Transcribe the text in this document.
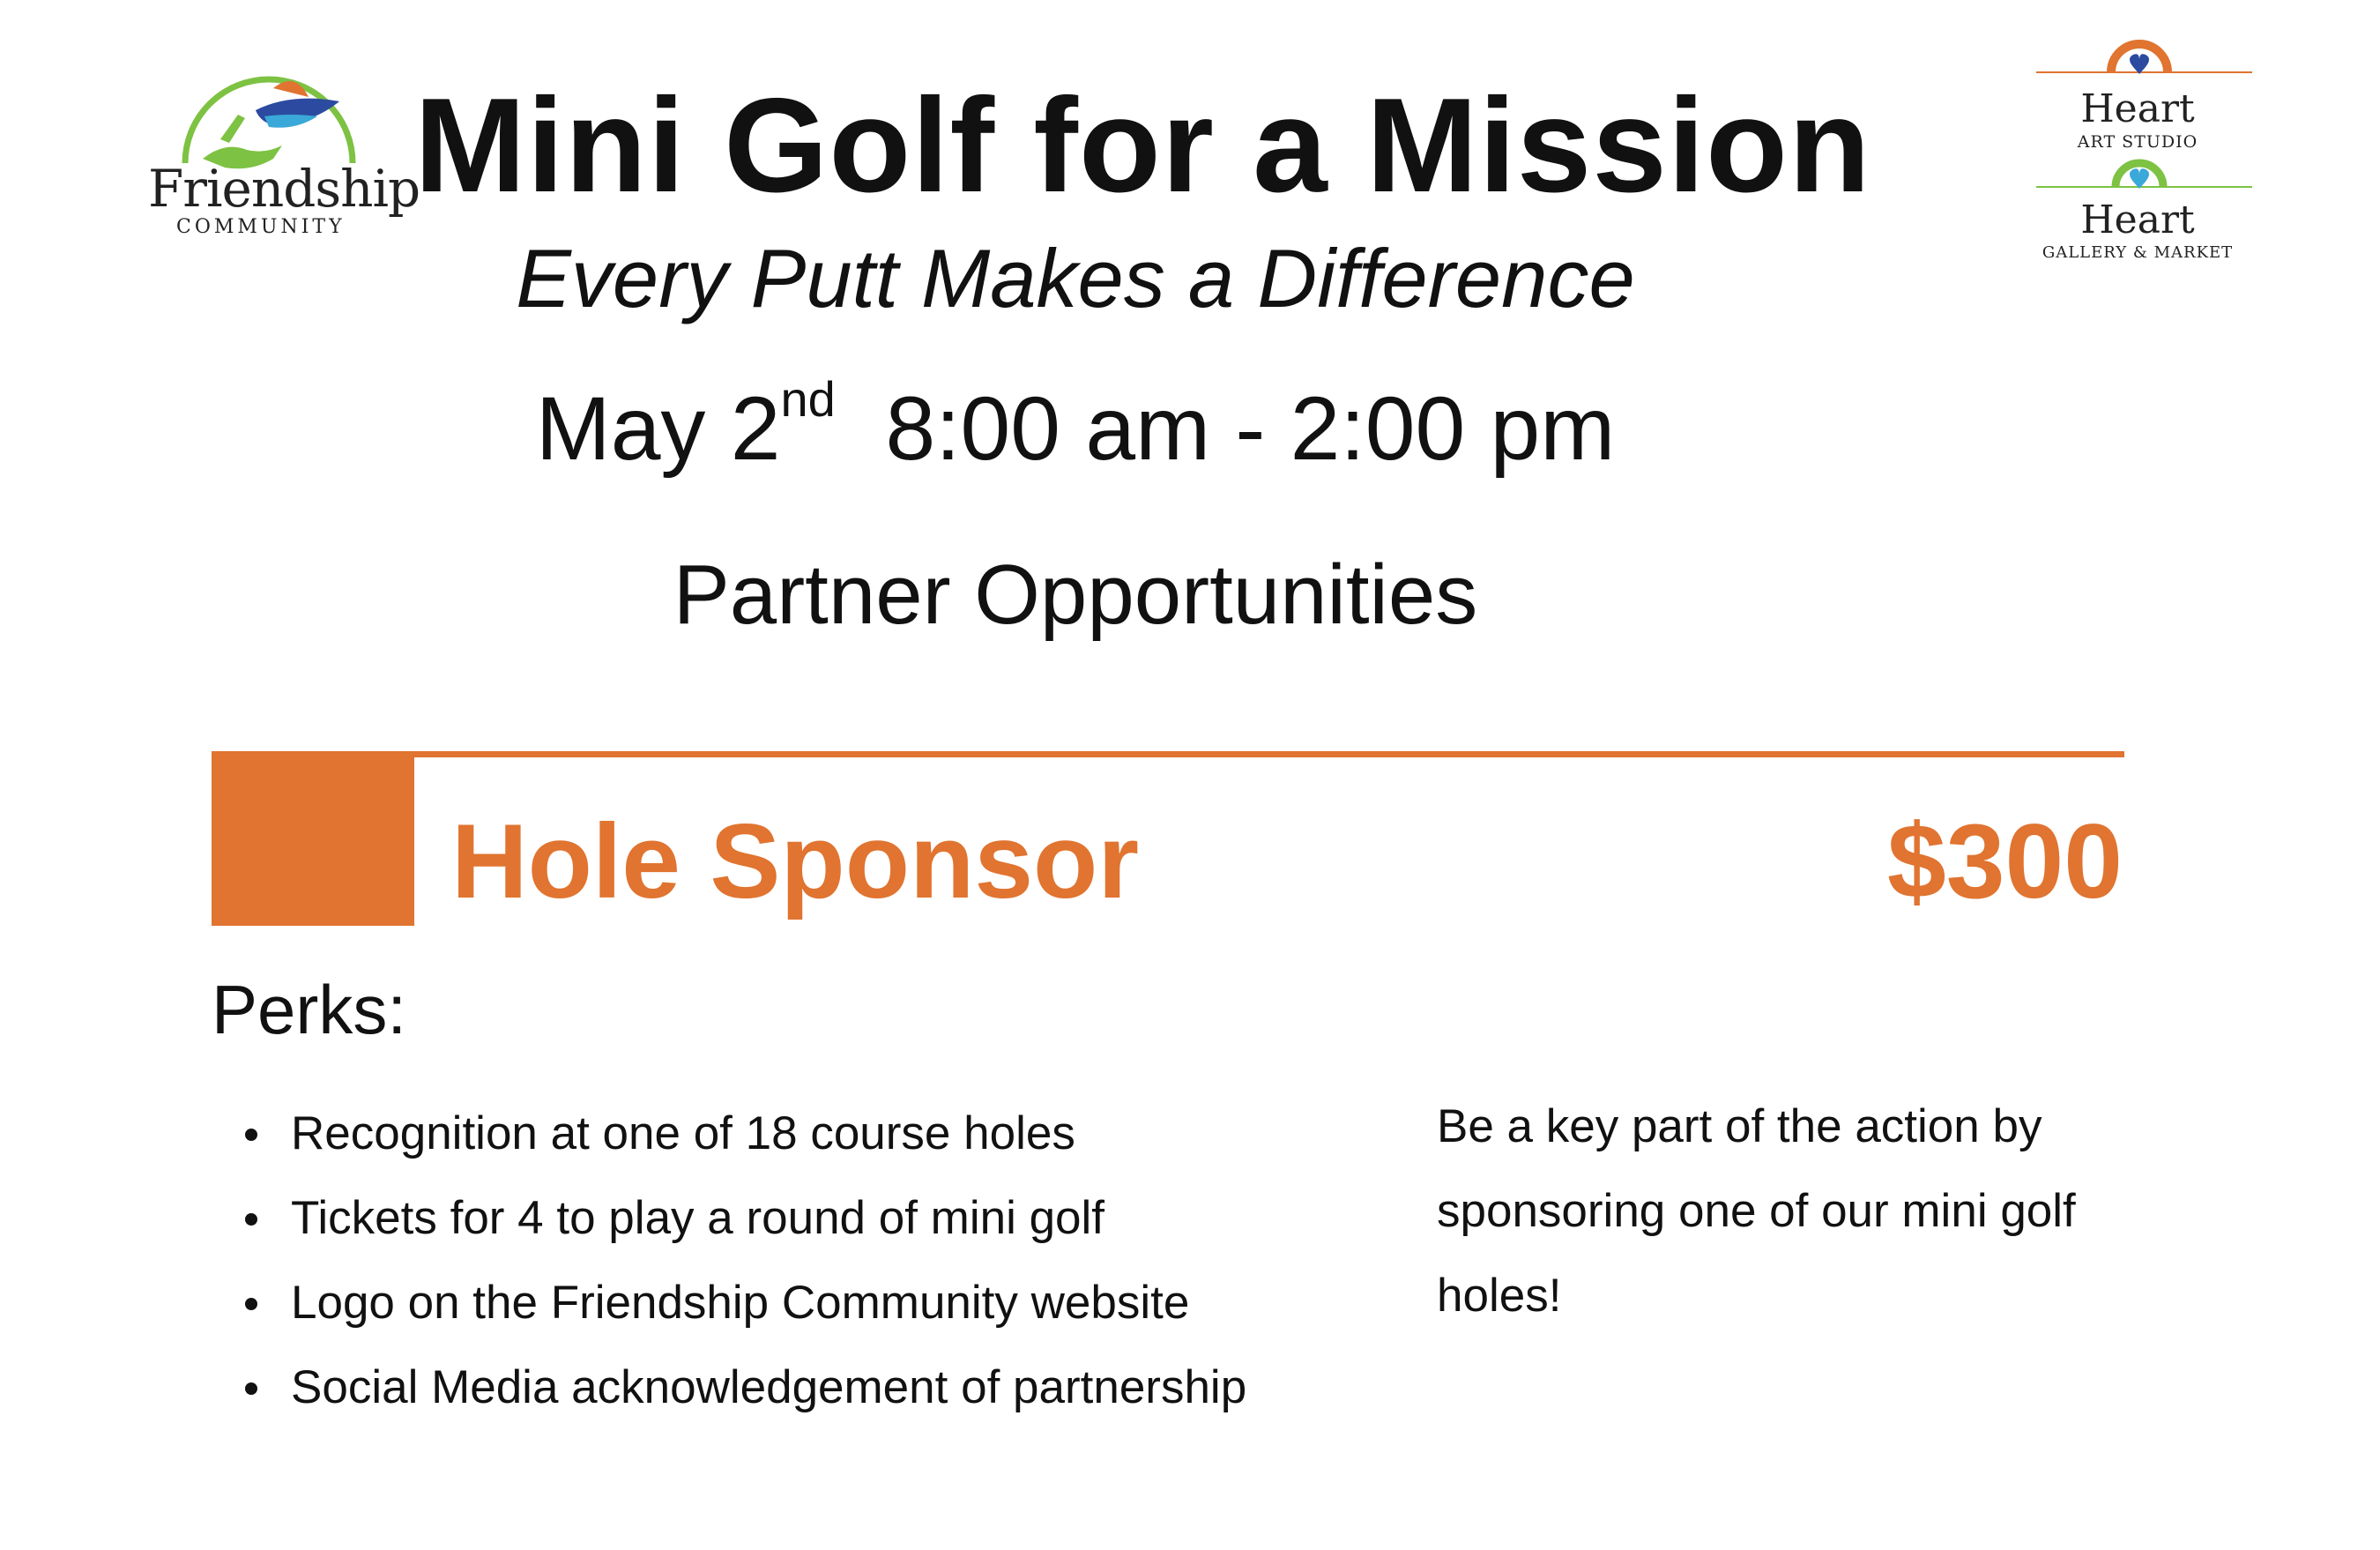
Friendship
COMMUNITY
Heart
ART STUDIO
Heart
GALLERY & MARKET
Mini Golf for a Mission
Every Putt Makes a Difference
May 2nd 8:00 am - 2:00 pm
Partner Opportunities
Hole Sponsor	$300
Perks:
Recognition at one of 18 course holes
Tickets for 4 to play a round of mini golf
Logo on the Friendship Community website
Social Media acknowledgement of partnership
Be a key part of the action by sponsoring one of our mini golf holes!
